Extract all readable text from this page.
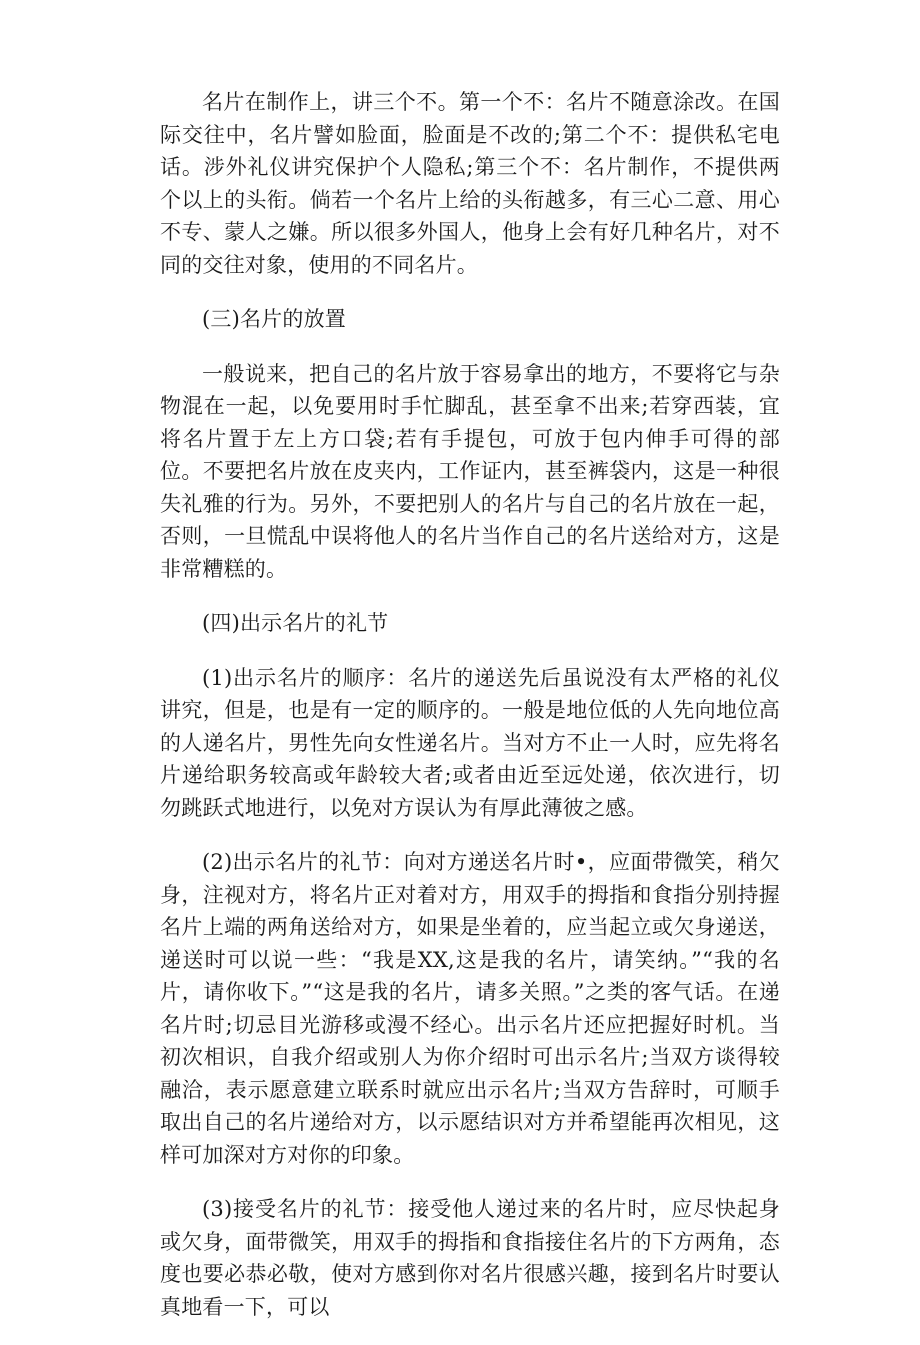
名片在制作上，讲三个不。第一个不：名片不随意涂改。在国际交往中，名片譬如脸面，脸面是不改的;第二个不：提供私宅电话。涉外礼仪讲究保护个人隐私;第三个不：名片制作，不提供两个以上的头衔。倘若一个名片上给的头衔越多，有三心二意、用心不专、蒙人之嫌。所以很多外国人，他身上会有好几种名片，对不同的交往对象，使用的不同名片。

(三)名片的放置

一般说来，把自己的名片放于容易拿出的地方，不要将它与杂物混在一起，以免要用时手忙脚乱，甚至拿不出来;若穿西装，宜将名片置于左上方口袋;若有手提包，可放于包内伸手可得的部位。不要把名片放在皮夹内，工作证内，甚至裤袋内，这是一种很失礼雅的行为。另外，不要把别人的名片与自己的名片放在一起，否则，一旦慌乱中误将他人的名片当作自己的名片送给对方，这是非常糟糕的。

(四)出示名片的礼节

(1)出示名片的顺序：名片的递送先后虽说没有太严格的礼仪讲究，但是，也是有一定的顺序的。一般是地位低的人先向地位高的人递名片，男性先向女性递名片。当对方不止一人时，应先将名片递给职务较高或年龄较大者;或者由近至远处递，依次进行，切勿跳跃式地进行，以免对方误认为有厚此薄彼之感。

(2)出示名片的礼节：向对方递送名片时•，应面带微笑，稍欠身，注视对方，将名片正对着对方，用双手的拇指和食指分别持握名片上端的两角送给对方，如果是坐着的，应当起立或欠身递送，递送时可以说一些：“我是XX,这是我的名片，请笑纳。”“我的名片，请你收下。”“这是我的名片，请多关照。”之类的客气话。在递名片时;切忌目光游移或漫不经心。出示名片还应把握好时机。当初次相识，自我介绍或别人为你介绍时可出示名片;当双方谈得较融洽，表示愿意建立联系时就应出示名片;当双方告辞时，可顺手取出自己的名片递给对方，以示愿结识对方并希望能再次相见，这样可加深对方对你的印象。

(3)接受名片的礼节：接受他人递过来的名片时，应尽快起身或欠身，面带微笑，用双手的拇指和食指接住名片的下方两角，态度也要必恭必敬，使对方感到你对名片很感兴趣，接到名片时要认真地看一下，可以
